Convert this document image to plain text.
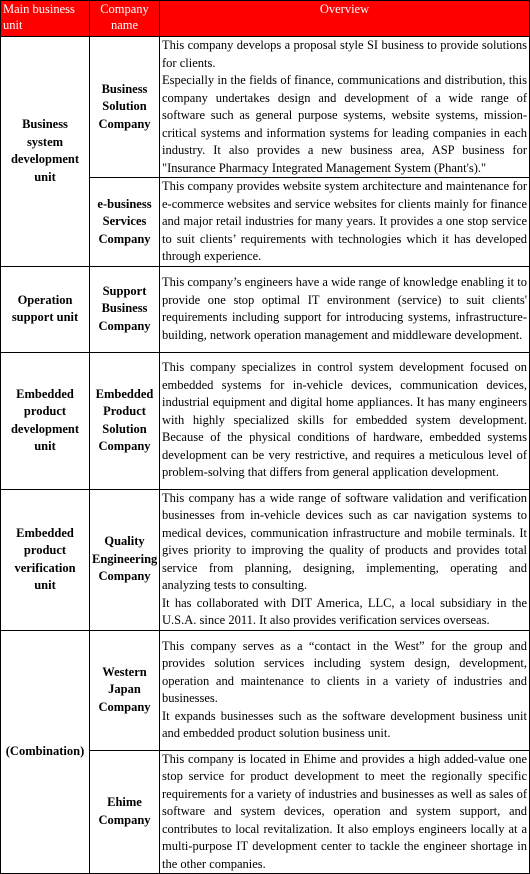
Main business unit	Company name	Overview
Business system development unit	Business Solution Company	This company develops a proposal style SI business to provide solutions for clients.

Especially in the fields of finance, communications and distribution, this company undertakes design and development of a wide range of software such as general purpose systems, website systems, mission-critical systems and information systems for leading companies in each industry. It also provides a new business area, ASP business for "Insurance Pharmacy Integrated Management System (Phant's)."

	e-business Services Company	This company provides website system architecture and maintenance for e-commerce websites and service websites for clients mainly for finance and major retail industries for many years. It provides a one stop service to suit clients’ requirements with technologies which it has developed through experience.

Operation support unit	Support Business Company	This company’s engineers have a wide range of knowledge enabling it to provide one stop optimal IT environment (service) to suit clients' requirements including support for introducing systems, infrastructure-building, network operation management and middleware development.

Embedded product development unit	Embedded Product Solution Company	This company specializes in control system development focused on embedded systems for in-vehicle devices, communication devices, industrial equipment and digital home appliances. It has many engineers with highly specialized skills for embedded system development. Because of the physical conditions of hardware, embedded systems development can be very restrictive, and requires a meticulous level of problem-solving that differs from general application development.

Embedded product verification unit	Quality Engineering Company	This company has a wide range of software validation and verification businesses from in-vehicle devices such as car navigation systems to medical devices, communication infrastructure and mobile terminals. It gives priority to improving the quality of products and provides total service from planning, designing, implementing, operating and analyzing tests to consulting.

It has collaborated with DIT America, LLC, a local subsidiary in the U.S.A. since 2011. It also provides verification services overseas.

(Combination)	Western Japan Company	This company serves as a “contact in the West” for the group and provides solution services including system design, development, operation and maintenance to clients in a variety of industries and businesses.

It expands businesses such as the software development business unit and embedded product solution business unit.

	Ehime Company	This company is located in Ehime and provides a high added-value one stop service for product development to meet the regionally specific requirements for a variety of industries and businesses as well as sales of software and system devices, operation and system support, and contributes to local revitalization. It also employs engineers locally at a multi-purpose IT development center to tackle the engineer shortage in the other companies.
